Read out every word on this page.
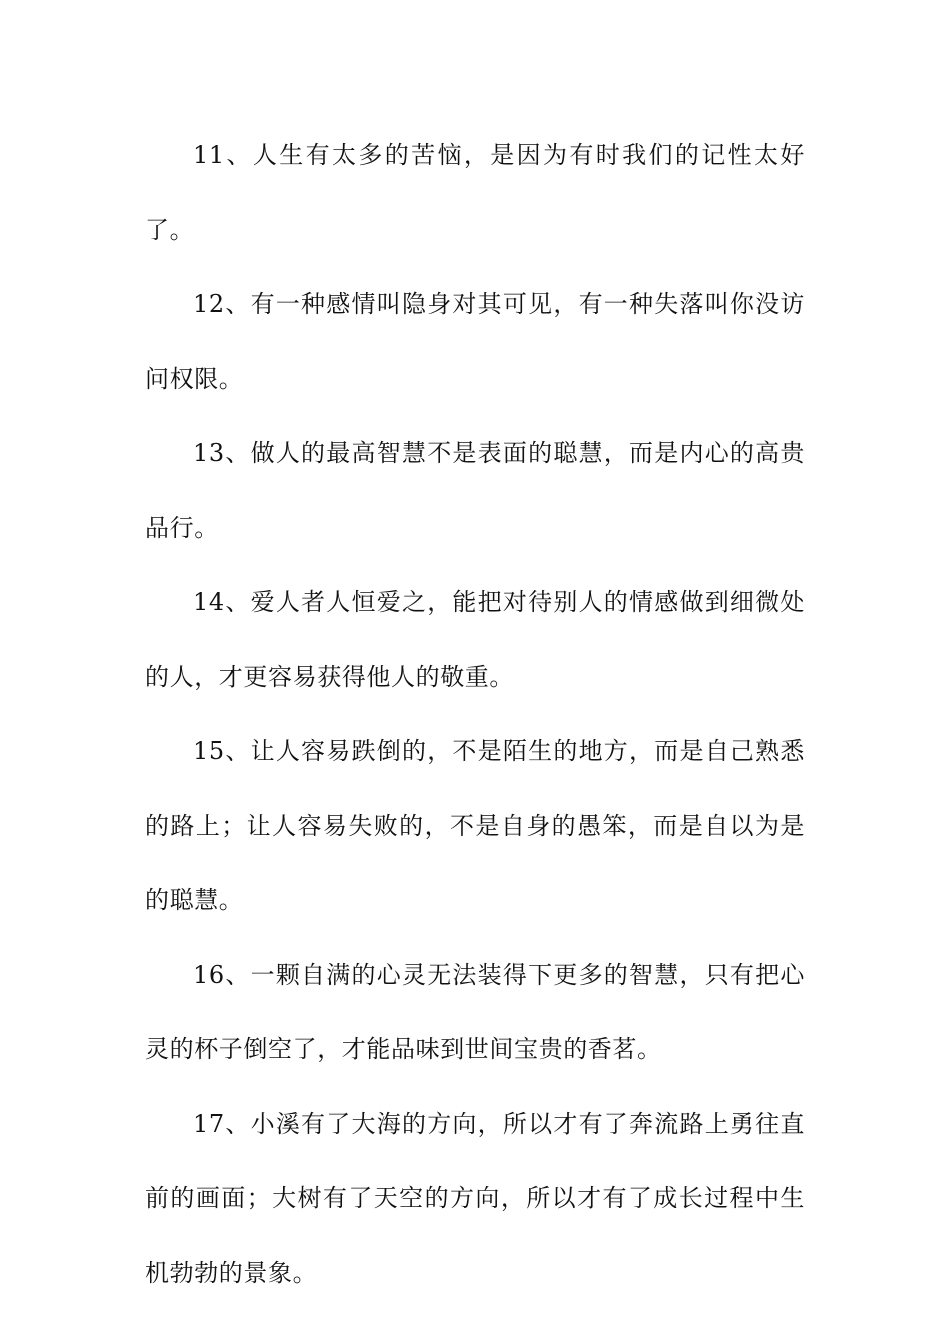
11、人生有太多的苦恼，是因为有时我们的记性太好了。

12、有一种感情叫隐身对其可见，有一种失落叫你没访问权限。

13、做人的最高智慧不是表面的聪慧，而是内心的高贵品行。

14、爱人者人恒爱之，能把对待别人的情感做到细微处的人，才更容易获得他人的敬重。

15、让人容易跌倒的，不是陌生的地方，而是自己熟悉的路上；让人容易失败的，不是自身的愚笨，而是自以为是的聪慧。

16、一颗自满的心灵无法装得下更多的智慧，只有把心灵的杯子倒空了，才能品味到世间宝贵的香茗。

17、小溪有了大海的方向，所以才有了奔流路上勇往直前的画面；大树有了天空的方向，所以才有了成长过程中生机勃勃的景象。
